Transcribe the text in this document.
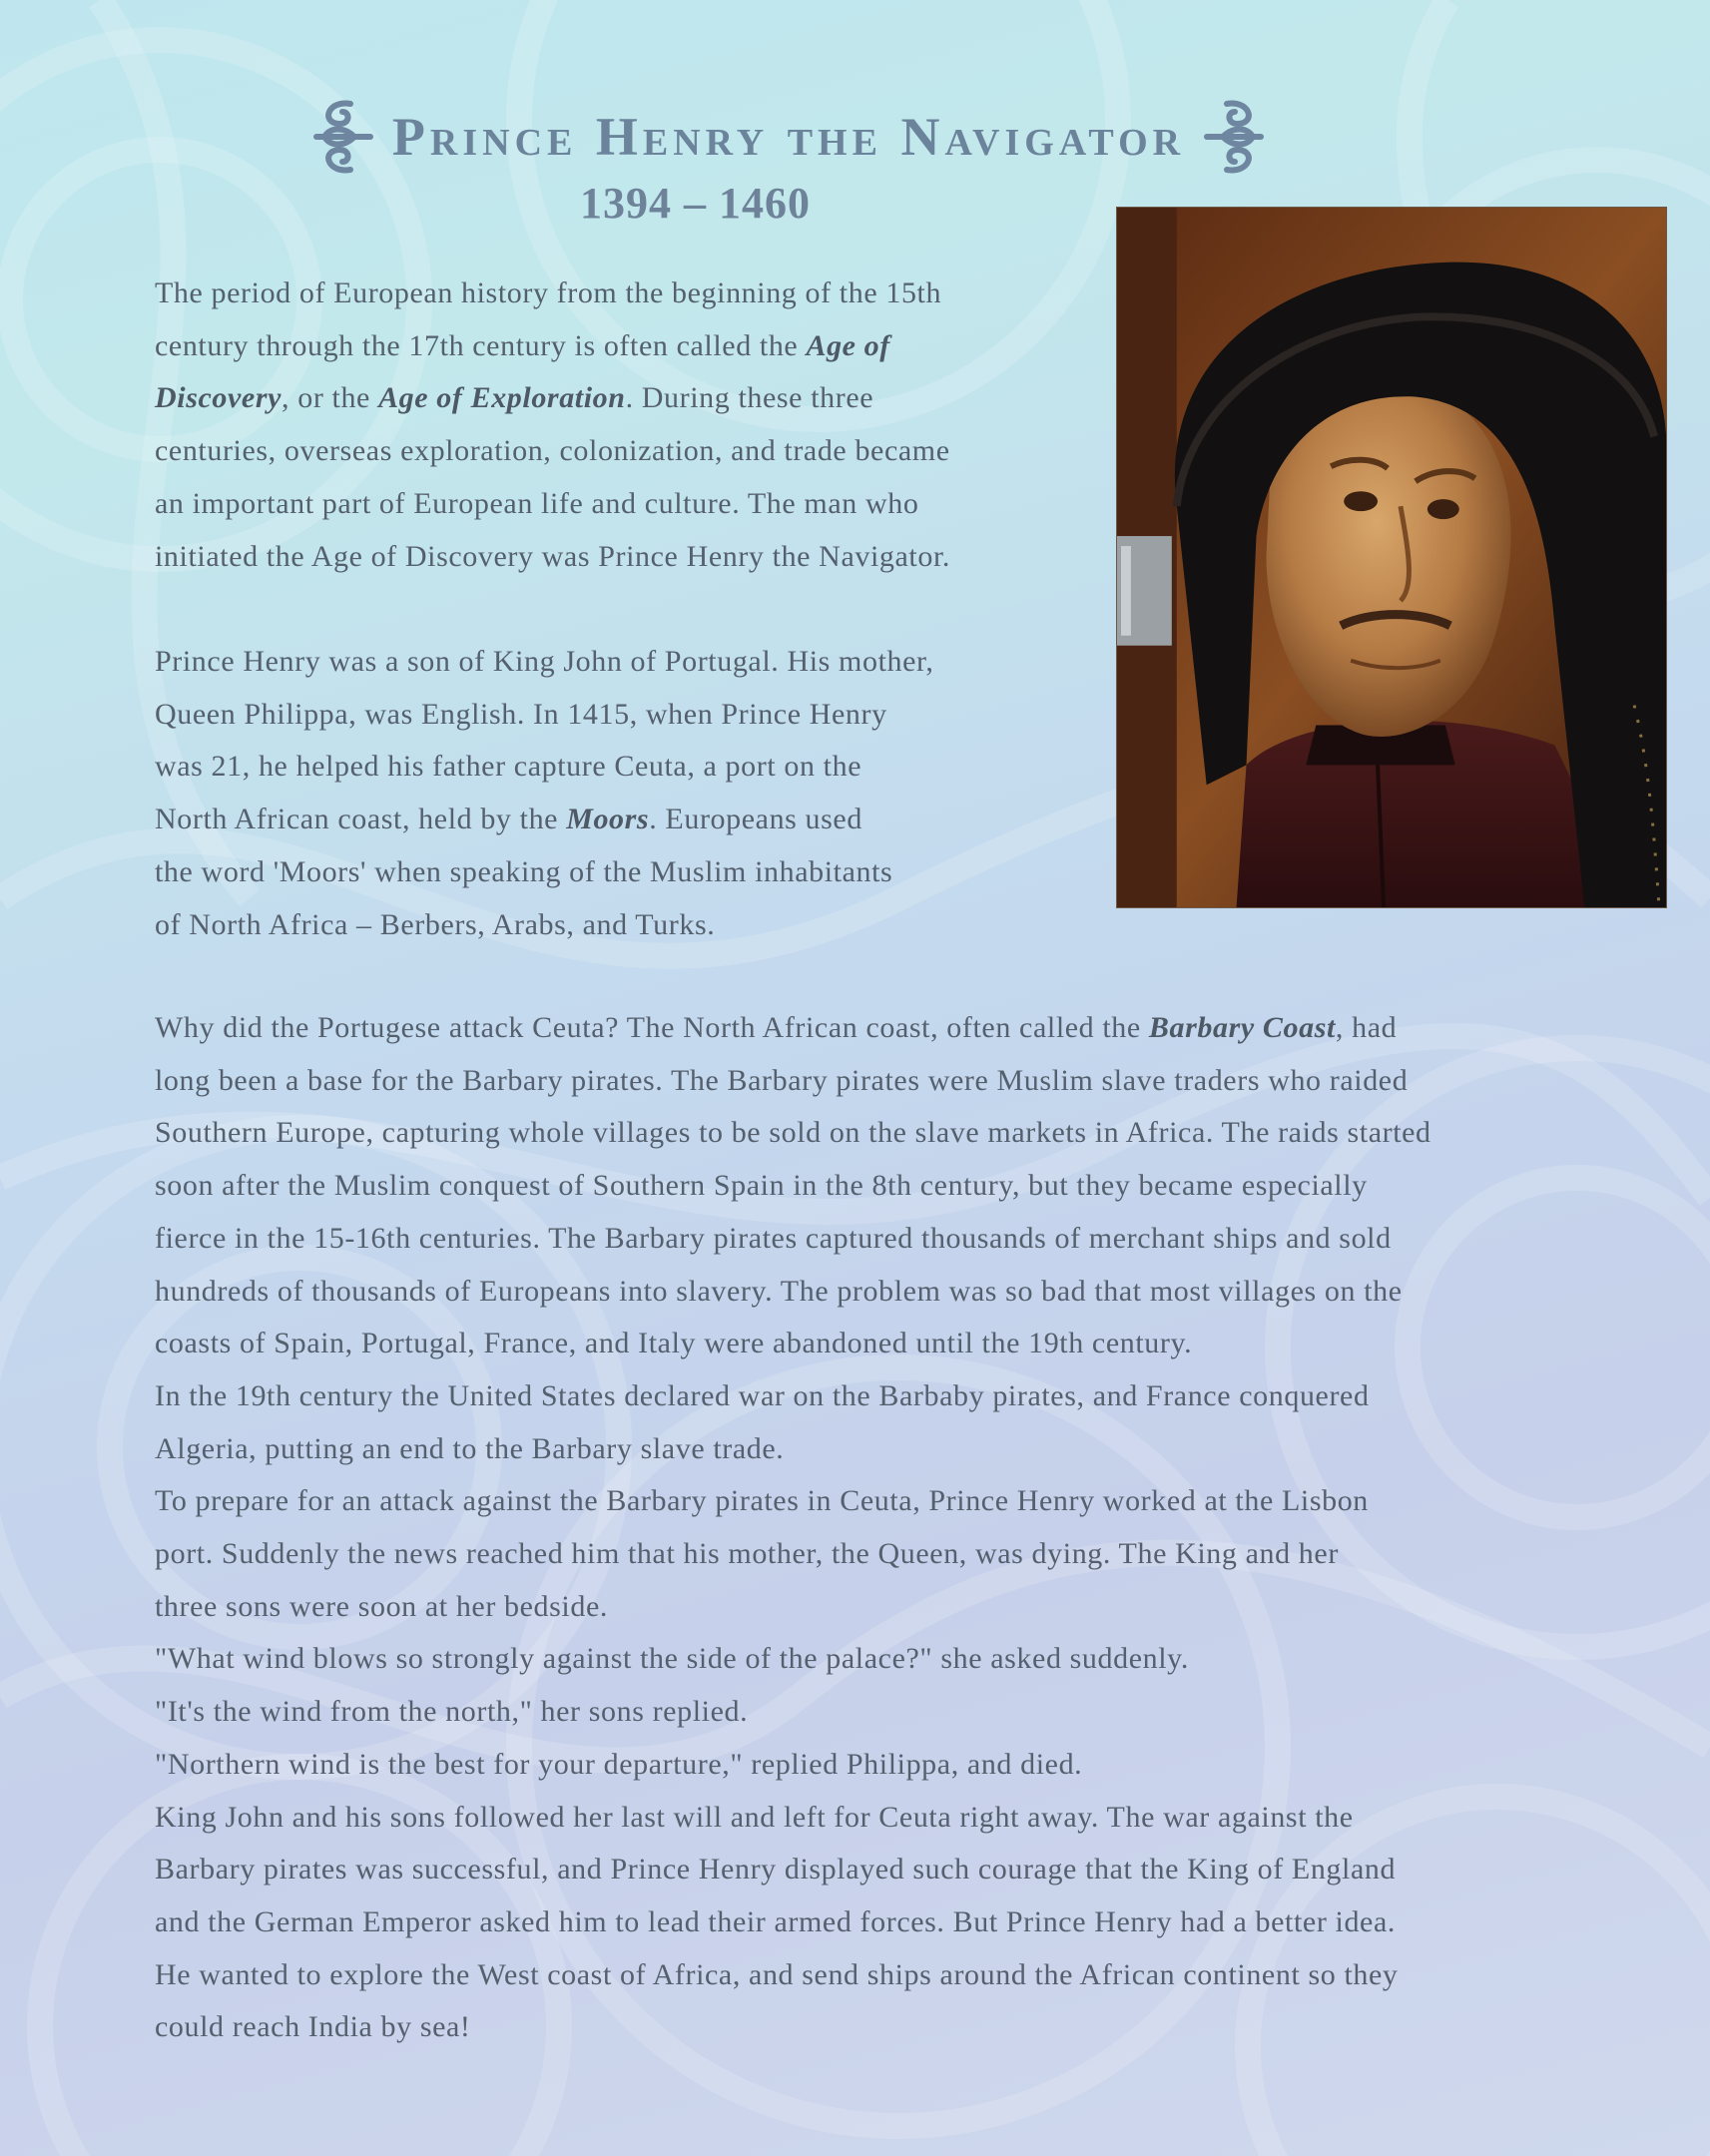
Prince Henry the Navigator
1394 – 1460

The period of European history from the beginning of the 15th
century through the 17th century is often called the Age of
Discovery, or the Age of Exploration. During these three
centuries, overseas exploration, colonization, and trade became
an important part of European life and culture. The man who
initiated the Age of Discovery was Prince Henry the Navigator.

Prince Henry was a son of King John of Portugal. His mother,
Queen Philippa, was English. In 1415, when Prince Henry
was 21, he helped his father capture Ceuta, a port on the
North African coast, held by the Moors. Europeans used
the word 'Moors' when speaking of the Muslim inhabitants
of North Africa – Berbers, Arabs, and Turks.

Why did the Portugese attack Ceuta? The North African coast, often called the Barbary Coast, had
long been a base for the Barbary pirates. The Barbary pirates were Muslim slave traders who raided
Southern Europe, capturing whole villages to be sold on the slave markets in Africa. The raids started
soon after the Muslim conquest of Southern Spain in the 8th century, but they became especially
fierce in the 15-16th centuries. The Barbary pirates captured thousands of merchant ships and sold
hundreds of thousands of Europeans into slavery. The problem was so bad that most villages on the
coasts of Spain, Portugal, France, and Italy were abandoned until the 19th century.
In the 19th century the United States declared war on the Barbaby pirates, and France conquered
Algeria, putting an end to the Barbary slave trade.
To prepare for an attack against the Barbary pirates in Ceuta, Prince Henry worked at the Lisbon
port. Suddenly the news reached him that his mother, the Queen, was dying. The King and her
three sons were soon at her bedside.
"What wind blows so strongly against the side of the palace?" she asked suddenly.
"It's the wind from the north," her sons replied.
"Northern wind is the best for your departure," replied Philippa, and died.
King John and his sons followed her last will and left for Ceuta right away. The war against the
Barbary pirates was successful, and Prince Henry displayed such courage that the King of England
and the German Emperor asked him to lead their armed forces. But Prince Henry had a better idea.
He wanted to explore the West coast of Africa, and send ships around the African continent so they
could reach India by sea!
